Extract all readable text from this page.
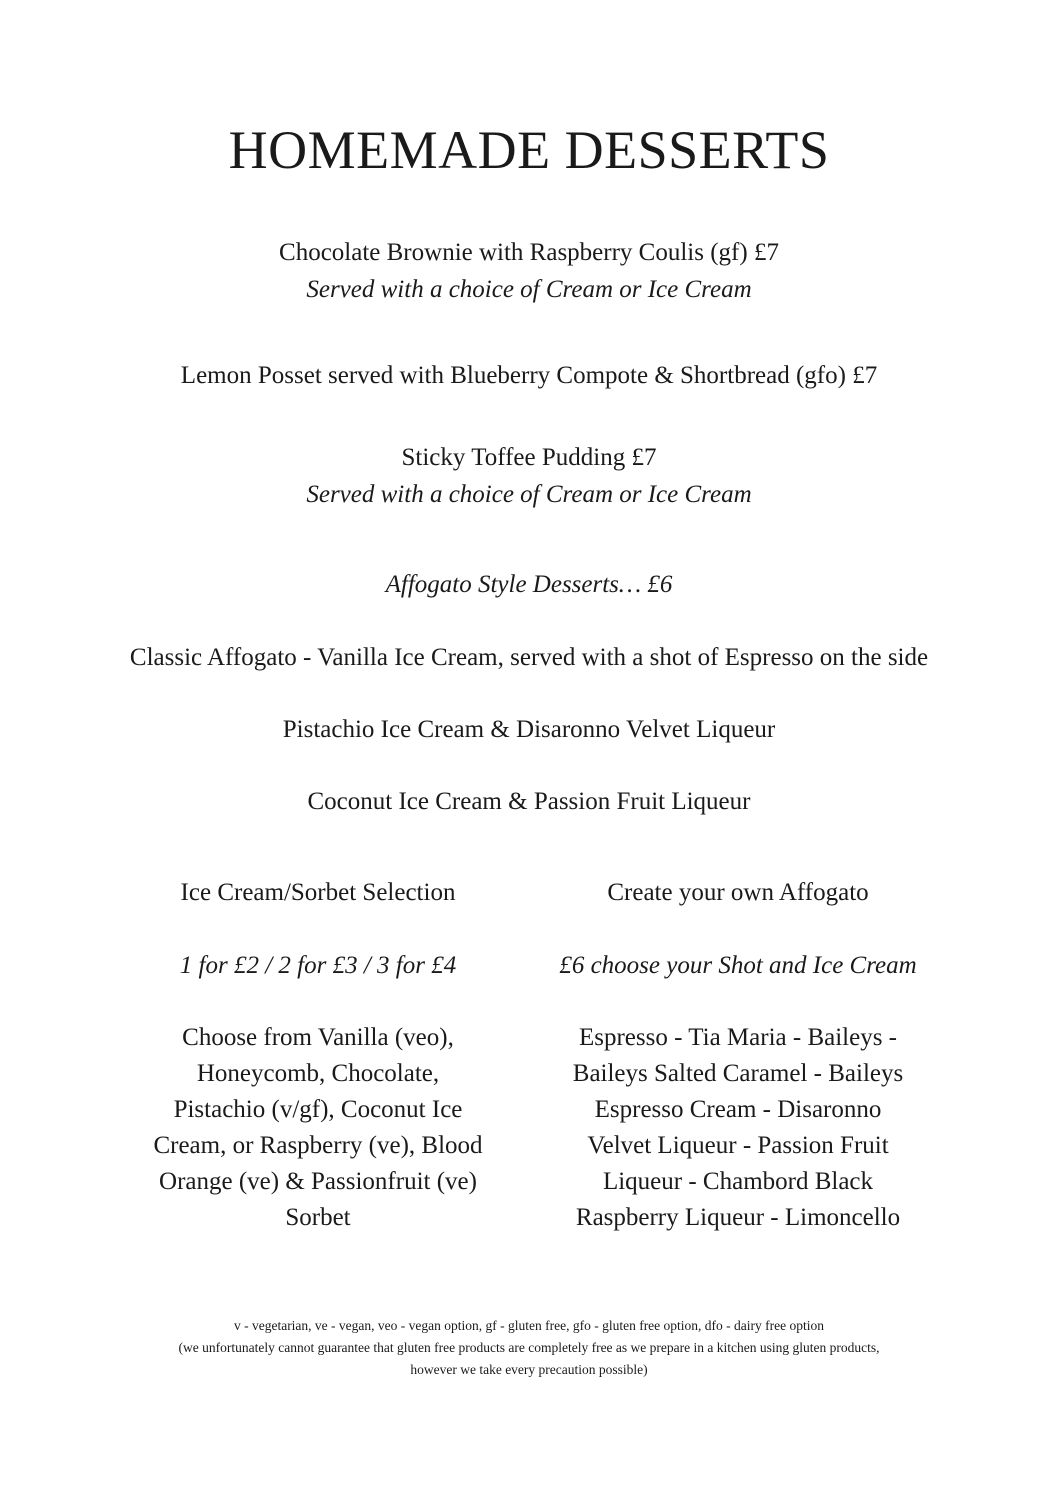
HOMEMADE DESSERTS
Chocolate Brownie with Raspberry Coulis (gf) £7
Served with a choice of Cream or Ice Cream
Lemon Posset served with Blueberry Compote & Shortbread (gfo) £7
Sticky Toffee Pudding £7
Served with a choice of Cream or Ice Cream
Affogato Style Desserts… £6
Classic Affogato - Vanilla Ice Cream, served with a shot of Espresso on the side
Pistachio Ice Cream & Disaronno Velvet Liqueur
Coconut Ice Cream & Passion Fruit Liqueur
Ice Cream/Sorbet Selection
1 for £2 / 2 for £3 / 3 for £4
Choose from Vanilla (veo),
Honeycomb, Chocolate,
Pistachio (v/gf), Coconut Ice
Cream, or Raspberry (ve), Blood
Orange (ve) & Passionfruit (ve)
Sorbet
Create your own Affogato
£6 choose your Shot and Ice Cream
Espresso - Tia Maria - Baileys -
Baileys Salted Caramel - Baileys
Espresso Cream - Disaronno
Velvet Liqueur - Passion Fruit
Liqueur - Chambord Black
Raspberry Liqueur - Limoncello
v - vegetarian, ve - vegan, veo - vegan option, gf - gluten free, gfo - gluten free option, dfo - dairy free option
(we unfortunately cannot guarantee that gluten free products are completely free as we prepare in a kitchen using gluten products,
however we take every precaution possible)
